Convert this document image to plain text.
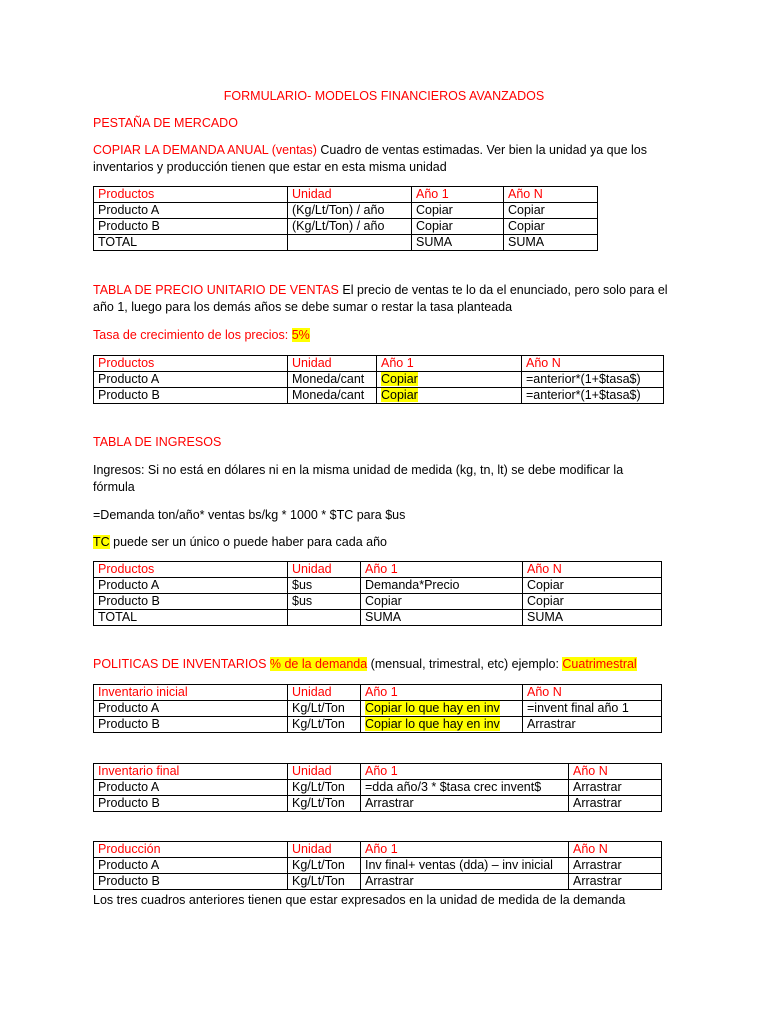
FORMULARIO- MODELOS FINANCIEROS AVANZADOS
PESTAÑA DE MERCADO
COPIAR LA DEMANDA ANUAL (ventas) Cuadro de ventas estimadas. Ver bien la unidad ya que los
inventarios y producción tienen que estar en esta misma unidad
Productos	Unidad	Año 1	Año N
Producto A	(Kg/Lt/Ton) / año	Copiar	Copiar
Producto B	(Kg/Lt/Ton) / año	Copiar	Copiar
TOTAL		SUMA	SUMA
TABLA DE PRECIO UNITARIO DE VENTAS El precio de ventas te lo da el enunciado, pero solo para el
año 1, luego para los demás años se debe sumar o restar la tasa planteada
Tasa de crecimiento de los precios: 5%
Productos	Unidad	Año 1	Año N
Producto A	Moneda/cant	Copiar	=anterior*(1+$tasa$)
Producto B	Moneda/cant	Copiar	=anterior*(1+$tasa$)
TABLA DE INGRESOS
Ingresos: Si no está en dólares ni en la misma unidad de medida (kg, tn, lt) se debe modificar la
fórmula
=Demanda ton/año* ventas bs/kg * 1000 * $TC para $us
TC puede ser un único o puede haber para cada año
Productos	Unidad	Año 1	Año N
Producto A	$us	Demanda*Precio	Copiar
Producto B	$us	Copiar	Copiar
TOTAL		SUMA	SUMA
POLITICAS DE INVENTARIOS % de la demanda (mensual, trimestral, etc) ejemplo: Cuatrimestral
Inventario inicial	Unidad	Año 1	Año N
Producto A	Kg/Lt/Ton	Copiar lo que hay en inv	=invent final año 1
Producto B	Kg/Lt/Ton	Copiar lo que hay en inv	Arrastrar
Inventario final	Unidad	Año 1	Año N
Producto A	Kg/Lt/Ton	=dda año/3 * $tasa crec invent$	Arrastrar
Producto B	Kg/Lt/Ton	Arrastrar	Arrastrar
Producción	Unidad	Año 1	Año N
Producto A	Kg/Lt/Ton	Inv final+ ventas (dda) – inv inicial	Arrastrar
Producto B	Kg/Lt/Ton	Arrastrar	Arrastrar
Los tres cuadros anteriores tienen que estar expresados en la unidad de medida de la demanda
